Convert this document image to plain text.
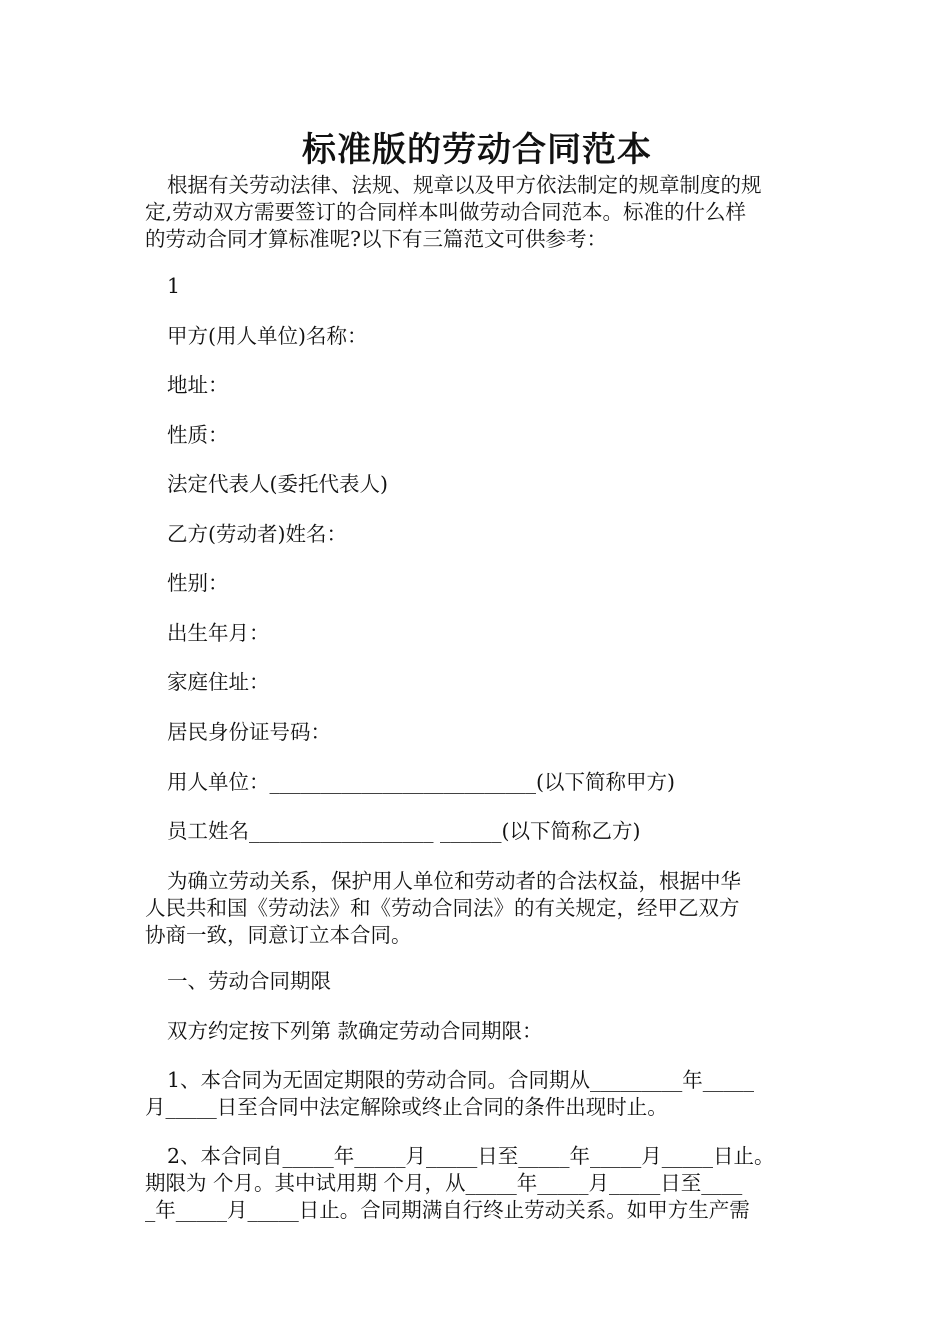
标准版的劳动合同范本
根据有关劳动法律、法规、规章以及甲方依法制定的规章制度的规
定,劳动双方需要签订的合同样本叫做劳动合同范本。标准的什么样
的劳动合同才算标准呢?以下有三篇范文可供参考：
1
甲方(用人单位)名称：
地址：
性质：
法定代表人(委托代表人)
乙方(劳动者)姓名：
性别：
出生年月：
家庭住址：
居民身份证号码：
用人单位：__________________________(以下简称甲方)
员工姓名__________________ ______(以下简称乙方)
为确立劳动关系，保护用人单位和劳动者的合法权益，根据中华
人民共和国《劳动法》和《劳动合同法》的有关规定，经甲乙双方
协商一致，同意订立本合同。
一、劳动合同期限
双方约定按下列第 款确定劳动合同期限：
1、本合同为无固定期限的劳动合同。合同期从_________年_____
月_____日至合同中法定解除或终止合同的条件出现时止。
2、本合同自_____年_____月_____日至_____年_____月_____日止。
期限为 个月。其中试用期 个月，从_____年_____月_____日至____
_年_____月_____日止。合同期满自行终止劳动关系。如甲方生产需
